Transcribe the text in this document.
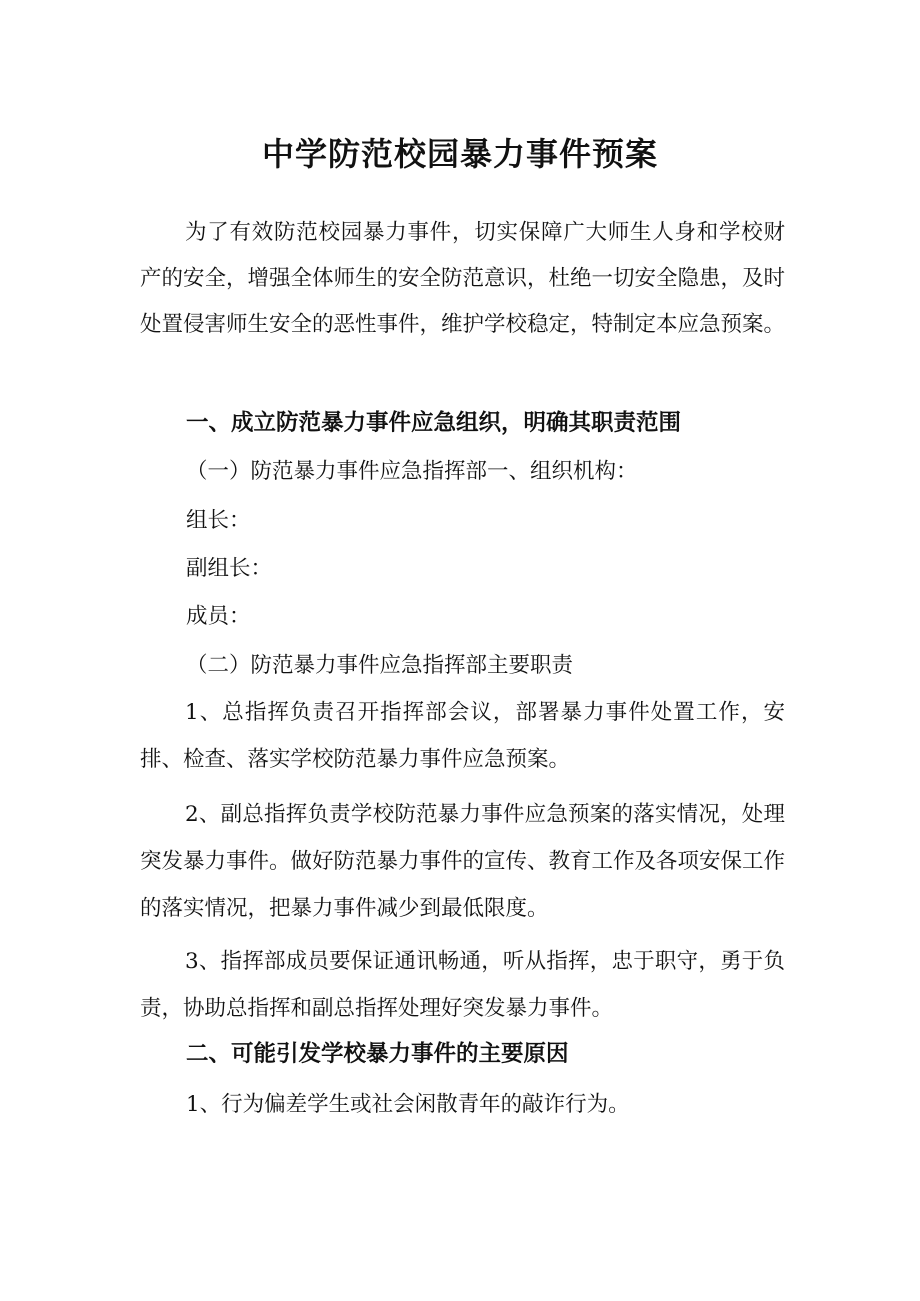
中学防范校园暴力事件预案

为了有效防范校园暴力事件，切实保障广大师生人身和学校财产的安全，增强全体师生的安全防范意识，杜绝一切安全隐患，及时处置侵害师生安全的恶性事件，维护学校稳定，特制定本应急预案。

一、成立防范暴力事件应急组织，明确其职责范围

（一）防范暴力事件应急指挥部一、组织机构：

组长：

副组长：

成员：

（二）防范暴力事件应急指挥部主要职责

1、总指挥负责召开指挥部会议，部署暴力事件处置工作，安排、检查、落实学校防范暴力事件应急预案。

2、副总指挥负责学校防范暴力事件应急预案的落实情况，处理突发暴力事件。做好防范暴力事件的宣传、教育工作及各项安保工作的落实情况，把暴力事件减少到最低限度。

3、指挥部成员要保证通讯畅通，听从指挥，忠于职守，勇于负责，协助总指挥和副总指挥处理好突发暴力事件。

二、可能引发学校暴力事件的主要原因

1、行为偏差学生或社会闲散青年的敲诈行为。
